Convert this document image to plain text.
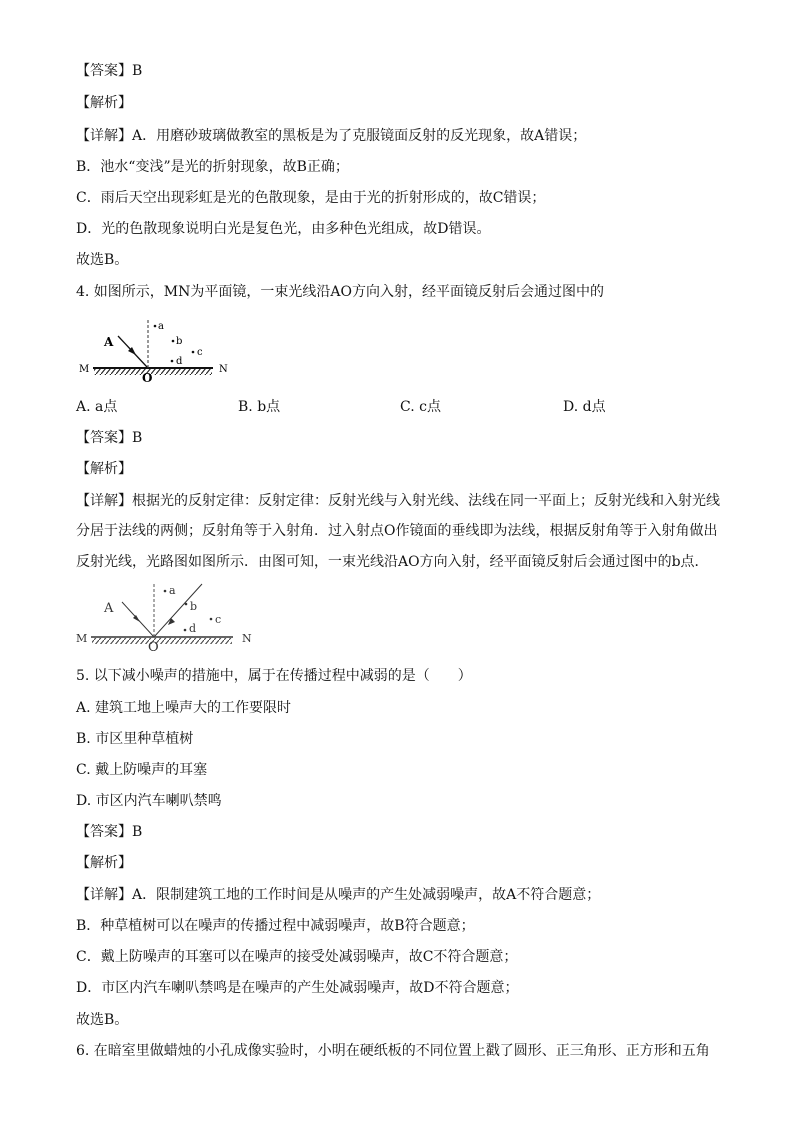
【答案】B
【解析】
【详解】A．用磨砂玻璃做教室的黑板是为了克服镜面反射的反光现象，故A错误；
B．池水“变浅”是光的折射现象，故B正确；
C．雨后天空出现彩虹是光的色散现象，是由于光的折射形成的，故C错误；
D．光的色散现象说明白光是复色光，由多种色光组成，故D错误。
故选B。
4. 如图所示，MN为平面镜，一束光线沿AO方向入射，经平面镜反射后会通过图中的
A
O
M	N
a
b
c
d
A. a点	B. b点	C. c点	D. d点
【答案】B
【解析】
【详解】根据光的反射定律：反射定律：反射光线与入射光线、法线在同一平面上；反射光线和入射光线
分居于法线的两侧；反射角等于入射角．过入射点O作镜面的垂线即为法线，根据反射角等于入射角做出
反射光线，光路图如图所示．由图可知，一束光线沿AO方向入射，经平面镜反射后会通过图中的b点．
A
O
M	N
a
b
c
d
5. 以下减小噪声的措施中，属于在传播过程中减弱的是（　　）
A. 建筑工地上噪声大的工作要限时
B. 市区里种草植树
C. 戴上防噪声的耳塞
D. 市区内汽车喇叭禁鸣
【答案】B
【解析】
【详解】A．限制建筑工地的工作时间是从噪声的产生处减弱噪声，故A不符合题意；
B．种草植树可以在噪声的传播过程中减弱噪声，故B符合题意；
C．戴上防噪声的耳塞可以在噪声的接受处减弱噪声，故C不符合题意；
D．市区内汽车喇叭禁鸣是在噪声的产生处减弱噪声，故D不符合题意；
故选B。
6. 在暗室里做蜡烛的小孔成像实验时，小明在硬纸板的不同位置上戳了圆形、正三角形、正方形和五角
